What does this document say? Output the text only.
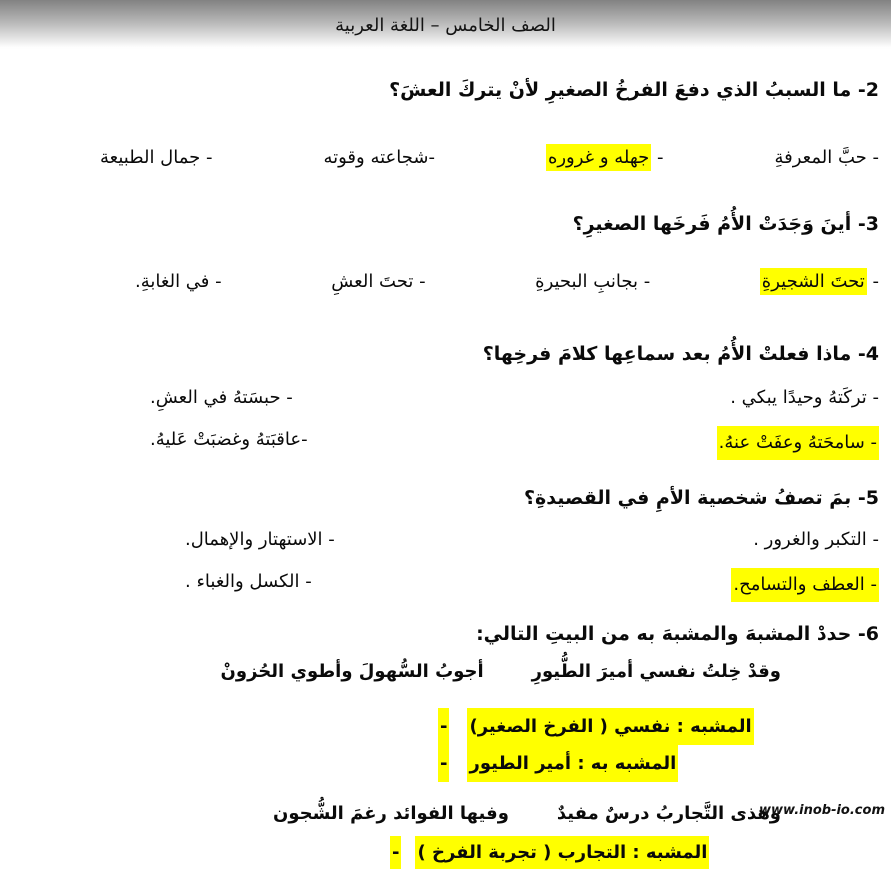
الصف الخامس – اللغة العربية
2- ما السببُ الذي دفعَ الفرخُ الصغيرِ لأنْ يتركَ العشَ؟
- حبَّ المعرفةِ
- جهله و غروره
-شجاعته وقوته
- جمال الطبيعة
3- أينَ وَجَدَتْ الأُمُ فَرخَها الصغيرِ؟
- تحتَ الشجيرةِ
- بجانبِ البحيرةِ
- تحتَ العشِ
- في الغابةِ.
4- ماذا فعلتْ الأُمُ بعد سماعِها كلامَ فرخِها؟
- تركَتهُ وحيدًا يبكي .
- حبسَتهُ في العشِ.
- سامحَتهُ وعفَتْ عنهُ.
-عاقبَتهُ وغضبَتْ عَليهُ.
5- بمَ تصفُ شخصية الأمِ في القصيدةِ؟
- التكبر والغرور .
- الاستهتار والإهمال.
- العطف والتسامح.
- الكسل والغباء .
6- حددْ المشبهَ والمشبهَ به من البيتِ التالي:
وقدْ خِلتُ نفسي أميرَ الطُّيورِ
أجوبُ السُّهولَ وأطوي الحُزونْ
- المشبه : نفسي ( الفرخ الصغير)
- المشبه به : أمير الطيور
وهذى التَّجاربُ درسٌ مفيدٌ
وفيها الفوائد رغمَ الشُّجون
- المشبه : التجارب ( تجربة الفرخ )
www.inob-io.com
